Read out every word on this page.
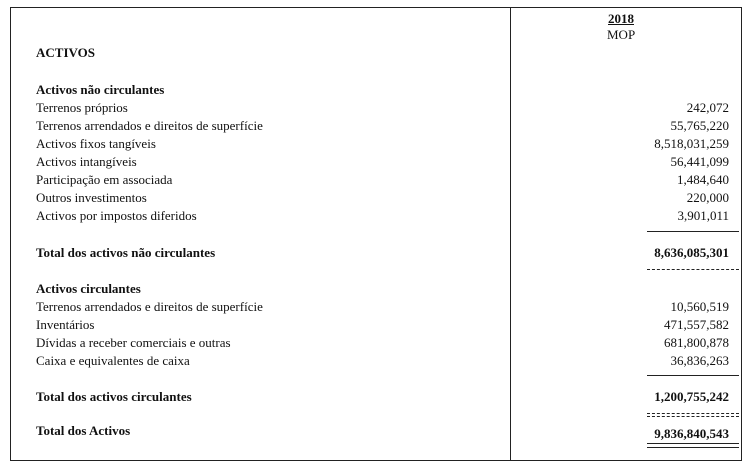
2018
MOP
ACTIVOS
Activos não circulantes
Terrenos próprios	242,072
Terrenos arrendados e direitos de superfície	55,765,220
Activos fixos tangíveis	8,518,031,259
Activos intangíveis	56,441,099
Participação em associada	1,484,640
Outros investimentos	220,000
Activos por impostos diferidos	3,901,011
Total dos activos não circulantes	8,636,085,301
Activos circulantes
Terrenos arrendados e direitos de superfície	10,560,519
Inventários	471,557,582
Dívidas a receber comerciais e outras	681,800,878
Caixa e equivalentes de caixa	36,836,263
Total dos activos circulantes	1,200,755,242
Total dos Activos	9,836,840,543
